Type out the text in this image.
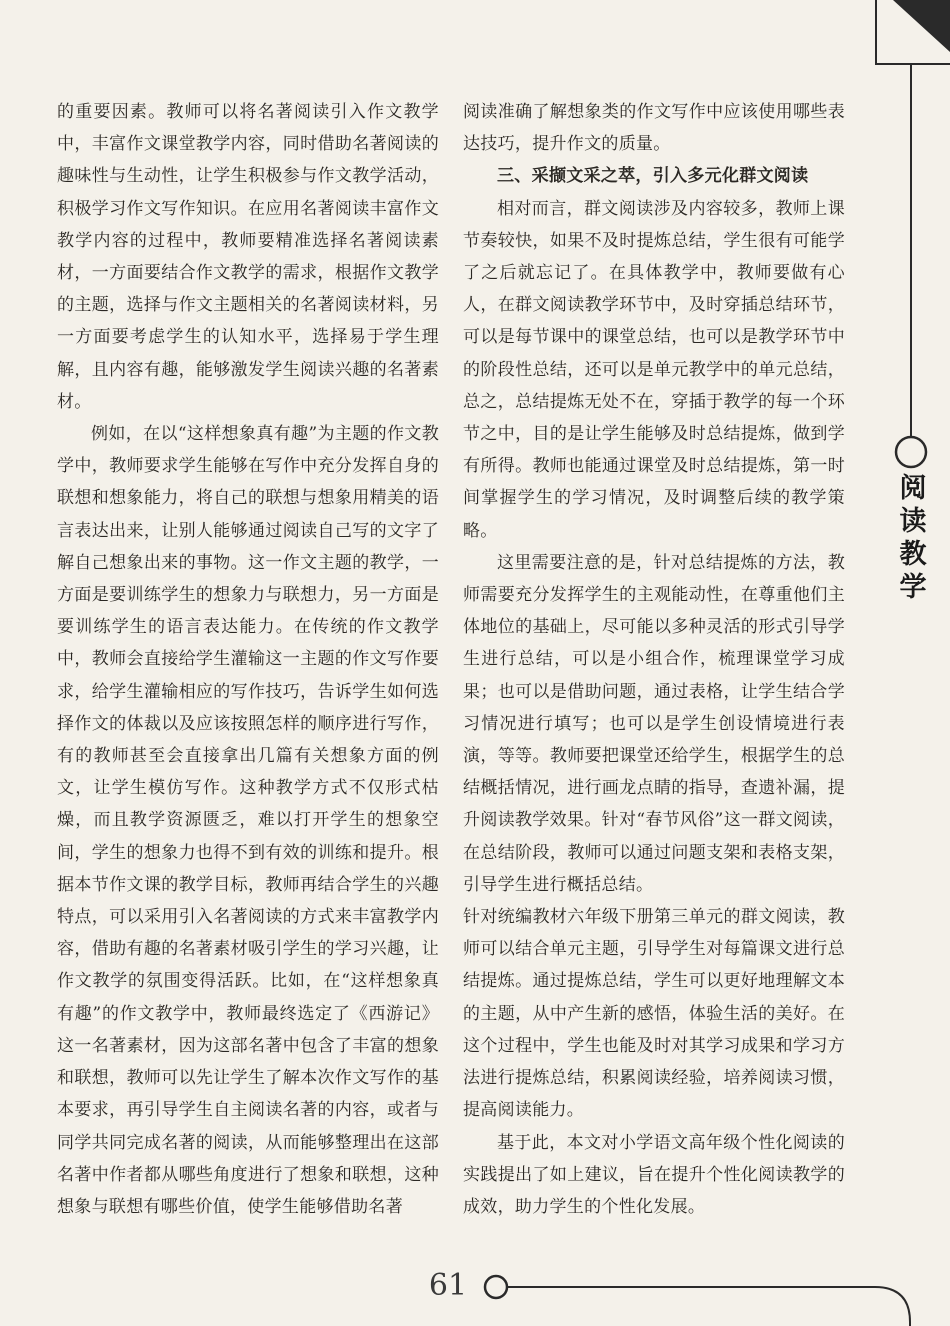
的重要因素。教师可以将名著阅读引入作文教学中，丰富作文课堂教学内容，同时借助名著阅读的趣味性与生动性，让学生积极参与作文教学活动，积极学习作文写作知识。在应用名著阅读丰富作文教学内容的过程中，教师要精准选择名著阅读素材，一方面要结合作文教学的需求，根据作文教学的主题，选择与作文主题相关的名著阅读材料，另一方面要考虑学生的认知水平，选择易于学生理解，且内容有趣，能够激发学生阅读兴趣的名著素材。

例如，在以“这样想象真有趣”为主题的作文教学中，教师要求学生能够在写作中充分发挥自身的联想和想象能力，将自己的联想与想象用精美的语言表达出来，让别人能够通过阅读自己写的文字了解自己想象出来的事物。这一作文主题的教学，一方面是要训练学生的想象力与联想力，另一方面是要训练学生的语言表达能力。在传统的作文教学中，教师会直接给学生灌输这一主题的作文写作要求，给学生灌输相应的写作技巧，告诉学生如何选择作文的体裁以及应该按照怎样的顺序进行写作，有的教师甚至会直接拿出几篇有关想象方面的例文，让学生模仿写作。这种教学方式不仅形式枯燥，而且教学资源匮乏，难以打开学生的想象空间，学生的想象力也得不到有效的训练和提升。根据本节作文课的教学目标，教师再结合学生的兴趣特点，可以采用引入名著阅读的方式来丰富教学内容，借助有趣的名著素材吸引学生的学习兴趣，让作文教学的氛围变得活跃。比如，在“这样想象真有趣”的作文教学中，教师最终选定了《西游记》这一名著素材，因为这部名著中包含了丰富的想象和联想，教师可以先让学生了解本次作文写作的基本要求，再引导学生自主阅读名著的内容，或者与同学共同完成名著的阅读，从而能够整理出在这部名著中作者都从哪些角度进行了想象和联想，这种想象与联想有哪些价值，使学生能够借助名著

阅读准确了解想象类的作文写作中应该使用哪些表达技巧，提升作文的质量。

三、采撷文采之萃，引入多元化群文阅读

相对而言，群文阅读涉及内容较多，教师上课节奏较快，如果不及时提炼总结，学生很有可能学了之后就忘记了。在具体教学中，教师要做有心人，在群文阅读教学环节中，及时穿插总结环节，可以是每节课中的课堂总结，也可以是教学环节中的阶段性总结，还可以是单元教学中的单元总结，总之，总结提炼无处不在，穿插于教学的每一个环节之中，目的是让学生能够及时总结提炼，做到学有所得。教师也能通过课堂及时总结提炼，第一时间掌握学生的学习情况，及时调整后续的教学策略。

这里需要注意的是，针对总结提炼的方法，教师需要充分发挥学生的主观能动性，在尊重他们主体地位的基础上，尽可能以多种灵活的形式引导学生进行总结，可以是小组合作，梳理课堂学习成果；也可以是借助问题，通过表格，让学生结合学习情况进行填写；也可以是学生创设情境进行表演，等等。教师要把课堂还给学生，根据学生的总结概括情况，进行画龙点睛的指导，查遗补漏，提升阅读教学效果。针对“春节风俗”这一群文阅读，在总结阶段，教师可以通过问题支架和表格支架，引导学生进行概括总结。

针对统编教材六年级下册第三单元的群文阅读，教师可以结合单元主题，引导学生对每篇课文进行总结提炼。通过提炼总结，学生可以更好地理解文本的主题，从中产生新的感悟，体验生活的美好。在这个过程中，学生也能及时对其学习成果和学习方法进行提炼总结，积累阅读经验，培养阅读习惯，提高阅读能力。

基于此，本文对小学语文高年级个性化阅读的实践提出了如上建议，旨在提升个性化阅读教学的成效，助力学生的个性化发展。

阅
读
教
学
61
